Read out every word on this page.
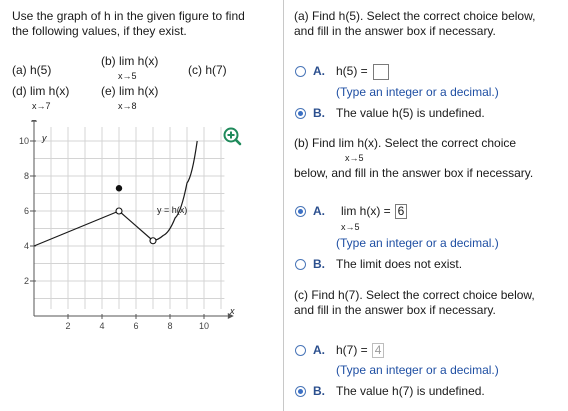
Use the graph of h in the given figure to find
the following values, if they exist.
(a) h(5)
(b) lim h(x)
x→5	(c) h(7)
(d) lim h(x)
x→7
(e) lim h(x)
x→8
10
8
6
4
2
2	4	6	8	10
y = h(x)
y
x
(a) Find h(5). Select the correct choice below,
and fill in the answer box if necessary.
A. h(5) =
(Type an integer or a decimal.)
B. The value h(5) is undefined.
(b) Find lim h(x). Select the correct choice
x→5
below, and fill in the answer box if necessary.
A. lim h(x) = 6
x→5
(Type an integer or a decimal.)
B. The limit does not exist.
(c) Find h(7). Select the correct choice below,
and fill in the answer box if necessary.
A. h(7) = 4
(Type an integer or a decimal.)
B. The value h(7) is undefined.
